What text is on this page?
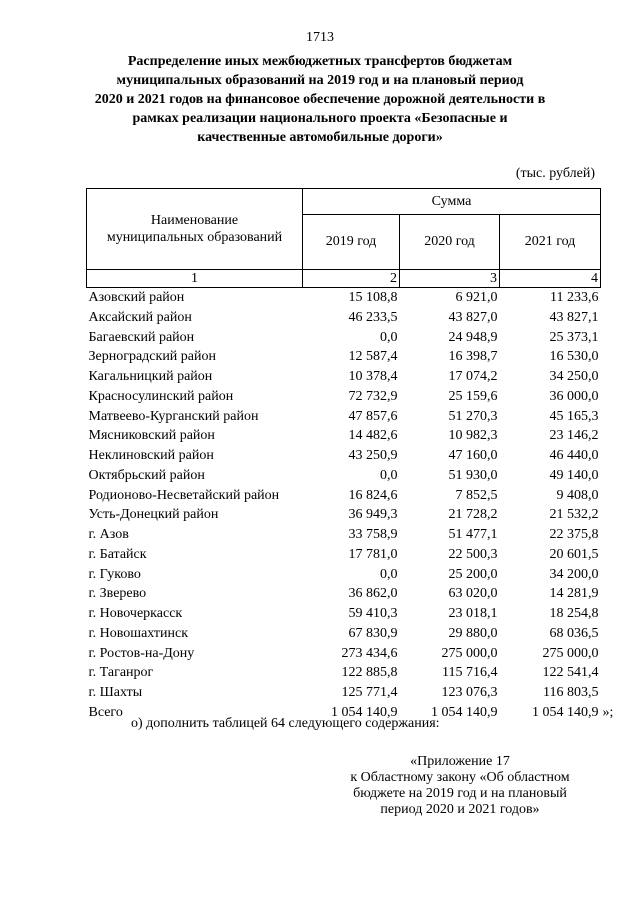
1713
Распределение иных межбюджетных трансфертов бюджетам
муниципальных образований на 2019 год и на плановый период
2020 и 2021 годов на финансовое обеспечение дорожной деятельности в
рамках реализации национального проекта «Безопасные и
качественные автомобильные дороги»
(тыс. рублей)
Наименование
муниципальных образований	Сумма		
	2019 год	2020 год	2021 год
1	2	3	4
Азовский район	15 108,8	6 921,0	11 233,6
Аксайский район	46 233,5	43 827,0	43 827,1
Багаевский район	0,0	24 948,9	25 373,1
Зерноградский район	12 587,4	16 398,7	16 530,0
Кагальницкий район	10 378,4	17 074,2	34 250,0
Красносулинский район	72 732,9	25 159,6	36 000,0
Матвеево-Курганский район	47 857,6	51 270,3	45 165,3
Мясниковский район	14 482,6	10 982,3	23 146,2
Неклиновский район	43 250,9	47 160,0	46 440,0
Октябрьский район	0,0	51 930,0	49 140,0
Родионово-Несветайский район	16 824,6	7 852,5	9 408,0
Усть-Донецкий район	36 949,3	21 728,2	21 532,2
г. Азов	33 758,9	51 477,1	22 375,8
г. Батайск	17 781,0	22 500,3	20 601,5
г. Гуково	0,0	25 200,0	34 200,0
г. Зверево	36 862,0	63 020,0	14 281,9
г. Новочеркасск	59 410,3	23 018,1	18 254,8
г. Новошахтинск	67 830,9	29 880,0	68 036,5
г. Ростов-на-Дону	273 434,6	275 000,0	275 000,0
г. Таганрог	122 885,8	115 716,4	122 541,4
г. Шахты	125 771,4	123 076,3	116 803,5
Всего	1 054 140,9	1 054 140,9	1 054 140,9 »;
о) дополнить таблицей 64 следующего содержания:
«Приложение 17
к Областному закону «Об областном
бюджете на 2019 год и на плановый
период 2020 и 2021 годов»
